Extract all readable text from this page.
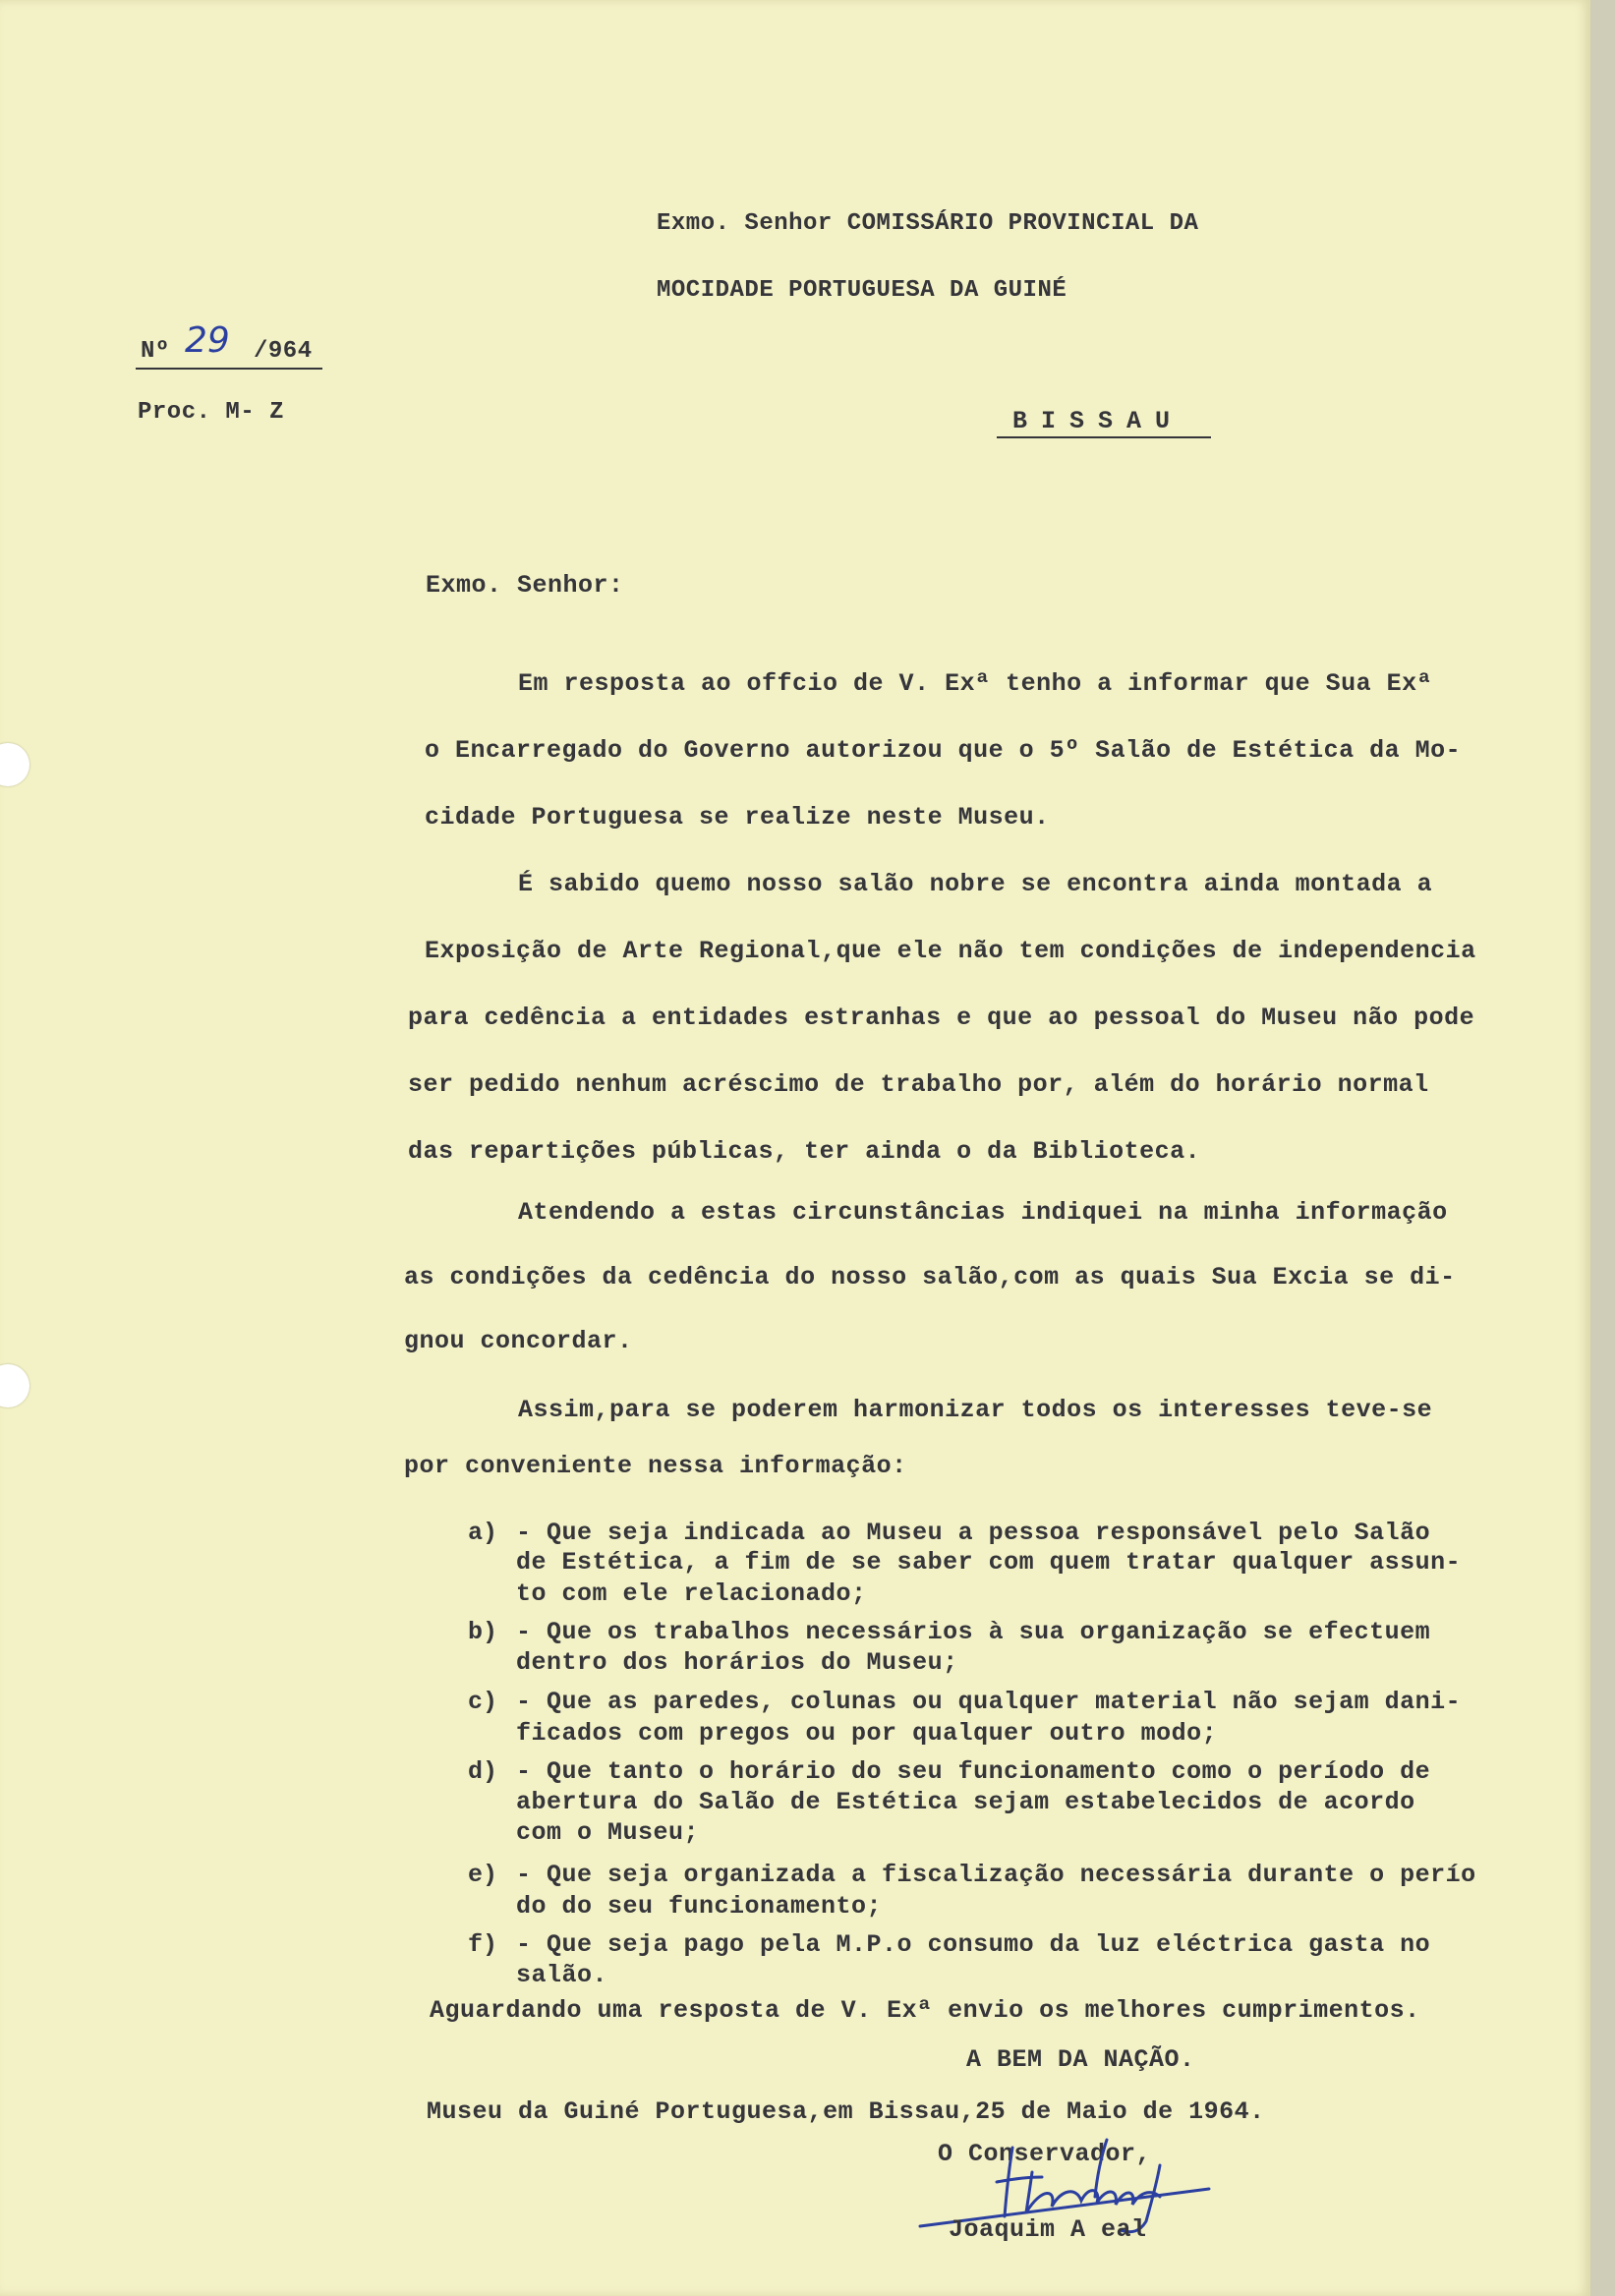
Exmo. Senhor COMISSÁRIO PROVINCIAL DA
MOCIDADE PORTUGUESA DA GUINÉ
Nº 29 /964
Proc. M- Z	BISSAU
Exmo. Senhor:
Em resposta ao offcio de V. Exª tenho a informar que Sua Exª
o Encarregado do Governo autorizou que o 5º Salão de Estética da Mo-
cidade Portuguesa se realize neste Museu.
É sabido quemo nosso salão nobre se encontra ainda montada a
Exposição de Arte Regional,que ele não tem condições de independencia
para cedência a entidades estranhas e que ao pessoal do Museu não pode
ser pedido nenhum acréscimo de trabalho por, além do horário normal
das repartições públicas, ter ainda o da Biblioteca.
Atendendo a estas circunstâncias indiquei na minha informação
as condições da cedência do nosso salão,com as quais Sua Excia se di-
gnou concordar.
Assim,para se poderem harmonizar todos os interesses teve-se
por conveniente nessa informação:
a) - Que seja indicada ao Museu a pessoa responsável pelo Salão
de Estética, a fim de se saber com quem tratar qualquer assun-
to com ele relacionado;
b) - Que os trabalhos necessários à sua organização se efectuem
dentro dos horários do Museu;
c) - Que as paredes, colunas ou qualquer material não sejam dani-
ficados com pregos ou por qualquer outro modo;
d) - Que tanto o horário do seu funcionamento como o período de
abertura do Salão de Estética sejam estabelecidos de acordo
com o Museu;
e) - Que seja organizada a fiscalização necessária durante o perío
do do seu funcionamento;
f) - Que seja pago pela M.P.o consumo da luz eléctrica gasta no
salão.
Aguardando uma resposta de V. Exª envio os melhores cumprimentos.
A BEM DA NAÇÃO.
Museu da Guiné Portuguesa,em Bissau,25 de Maio de 1964.
O Conservador,
Joaquim A eal
